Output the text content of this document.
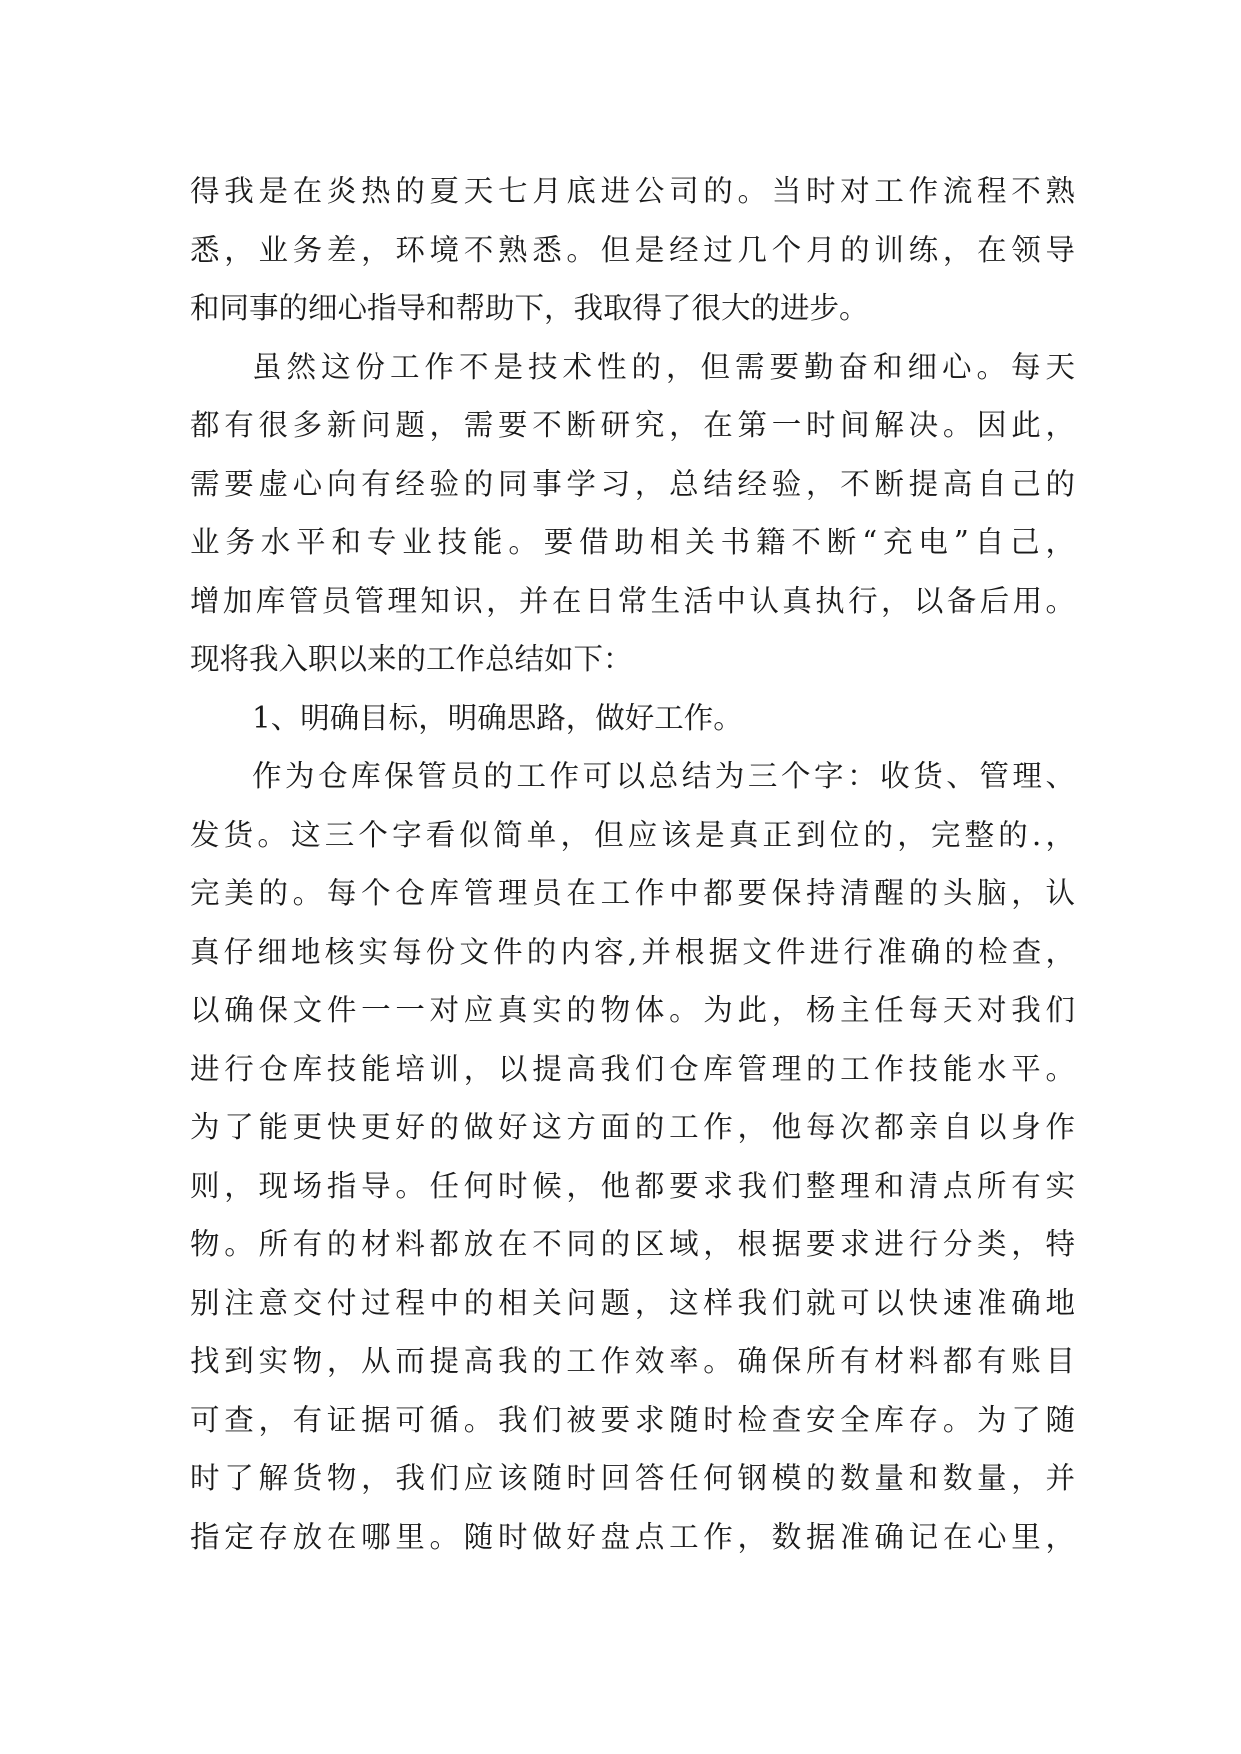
得我是在炎热的夏天七月底进公司的。当时对工作流程不熟
悉，业务差，环境不熟悉。但是经过几个月的训练，在领导
和同事的细心指导和帮助下，我取得了很大的进步。
虽然这份工作不是技术性的，但需要勤奋和细心。每天
都有很多新问题，需要不断研究，在第一时间解决。因此，
需要虚心向有经验的同事学习，总结经验，不断提高自己的
业务水平和专业技能。要借助相关书籍不断“充电”自己，
增加库管员管理知识，并在日常生活中认真执行，以备后用。
现将我入职以来的工作总结如下：
1、明确目标，明确思路，做好工作。
作为仓库保管员的工作可以总结为三个字：收货、管理、
发货。这三个字看似简单，但应该是真正到位的，完整的.，
完美的。每个仓库管理员在工作中都要保持清醒的头脑，认
真仔细地核实每份文件的内容,并根据文件进行准确的检查，
以确保文件一一对应真实的物体。为此，杨主任每天对我们
进行仓库技能培训，以提高我们仓库管理的工作技能水平。
为了能更快更好的做好这方面的工作，他每次都亲自以身作
则，现场指导。任何时候，他都要求我们整理和清点所有实
物。所有的材料都放在不同的区域，根据要求进行分类，特
别注意交付过程中的相关问题，这样我们就可以快速准确地
找到实物，从而提高我的工作效率。确保所有材料都有账目
可查，有证据可循。我们被要求随时检查安全库存。为了随
时了解货物，我们应该随时回答任何钢模的数量和数量，并
指定存放在哪里。随时做好盘点工作，数据准确记在心里，
